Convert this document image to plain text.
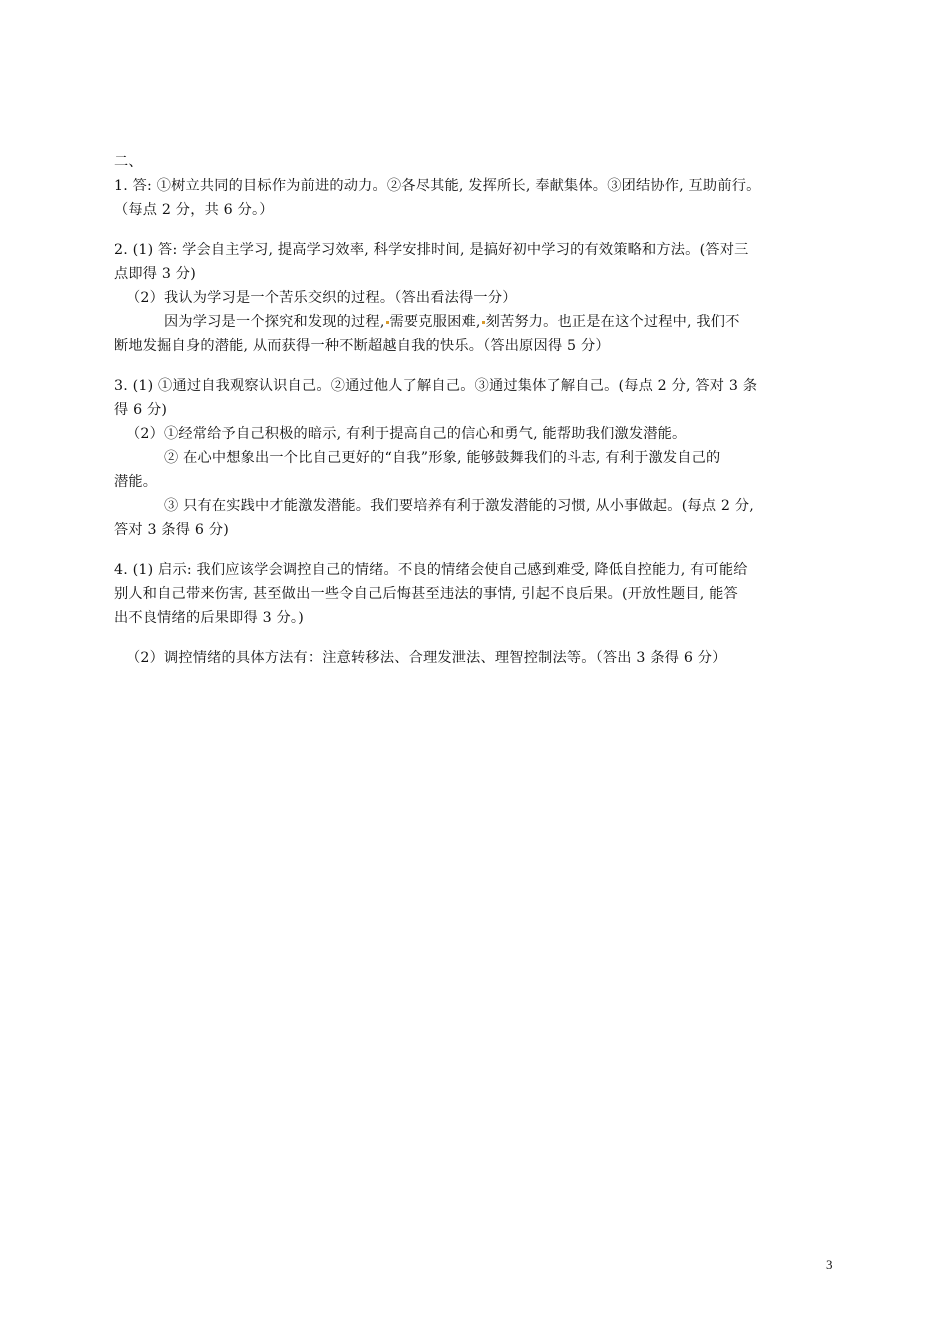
二、
1. 答: ①树立共同的目标作为前进的动力。②各尽其能, 发挥所长, 奉献集体。③团结协作, 互助前行。
（每点 2 分，共 6 分。）
2. (1) 答: 学会自主学习, 提高学习效率, 科学安排时间, 是搞好初中学习的有效策略和方法。(答对三
点即得 3 分)
（2）我认为学习是一个苦乐交织的过程。（答出看法得一分）
因为学习是一个探究和发现的过程, 需要克服困难, 刻苦努力。也正是在这个过程中, 我们不
断地发掘自身的潜能, 从而获得一种不断超越自我的快乐。（答出原因得 5 分）
3. (1) ①通过自我观察认识自己。②通过他人了解自己。③通过集体了解自己。(每点 2 分, 答对 3 条
得 6 分)
（2）①经常给予自己积极的暗示, 有利于提高自己的信心和勇气, 能帮助我们激发潜能。
② 在心中想象出一个比自己更好的“自我”形象, 能够鼓舞我们的斗志, 有利于激发自己的
潜能。
③ 只有在实践中才能激发潜能。我们要培养有利于激发潜能的习惯, 从小事做起。(每点 2 分,
答对 3 条得 6 分)
4. (1) 启示: 我们应该学会调控自己的情绪。不良的情绪会使自己感到难受, 降低自控能力, 有可能给
别人和自己带来伤害, 甚至做出一些令自己后悔甚至违法的事情, 引起不良后果。(开放性题目, 能答
出不良情绪的后果即得 3 分。)
（2）调控情绪的具体方法有：注意转移法、合理发泄法、理智控制法等。（答出 3 条得 6 分）
3
